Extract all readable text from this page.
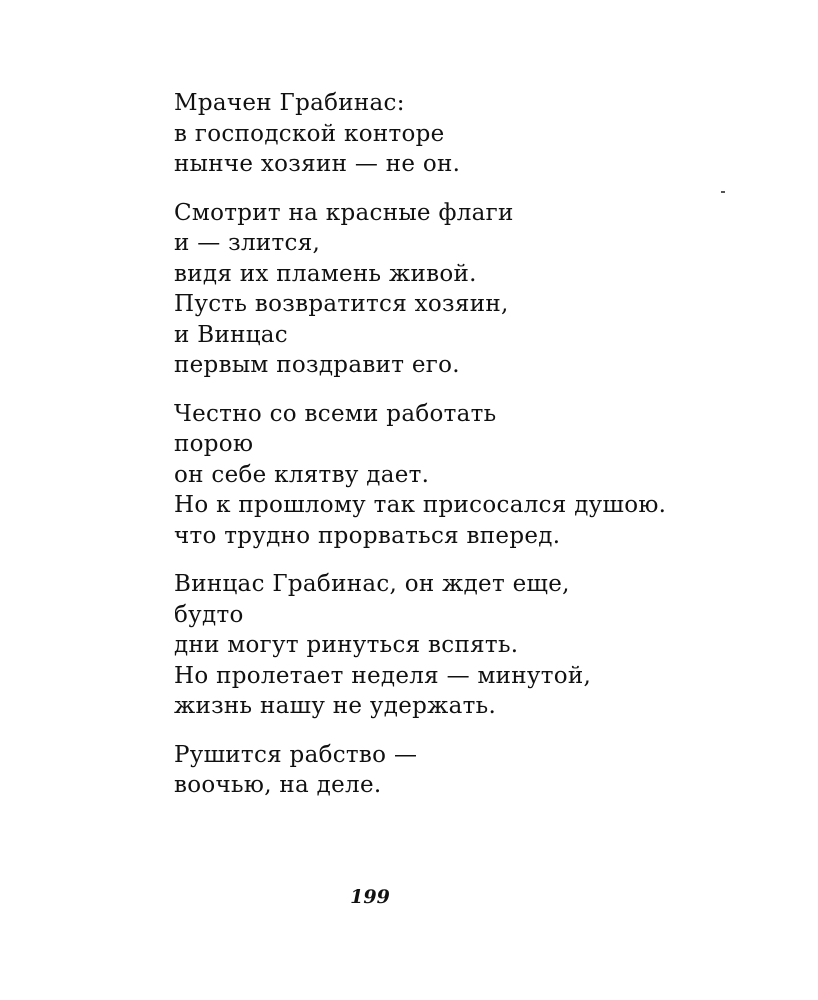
Мрачен Грабинас:
в господской конторе
нынче хозяин — не он.
Смотрит на красные флаги
и — злится,
видя их пламень живой.
Пусть возвратится хозяин,
и Винцас
первым поздравит его.
Честно со всеми работать
порою
он себе клятву дает.
Но к прошлому так присосался душою.
что трудно прорваться вперед.
Винцас Грабинас, он ждет еще,
будто
дни могут ринуться вспять.
Но пролетает неделя — минутой,
жизнь нашу не удержать.
Рушится рабство —
воочью, на деле.
199
